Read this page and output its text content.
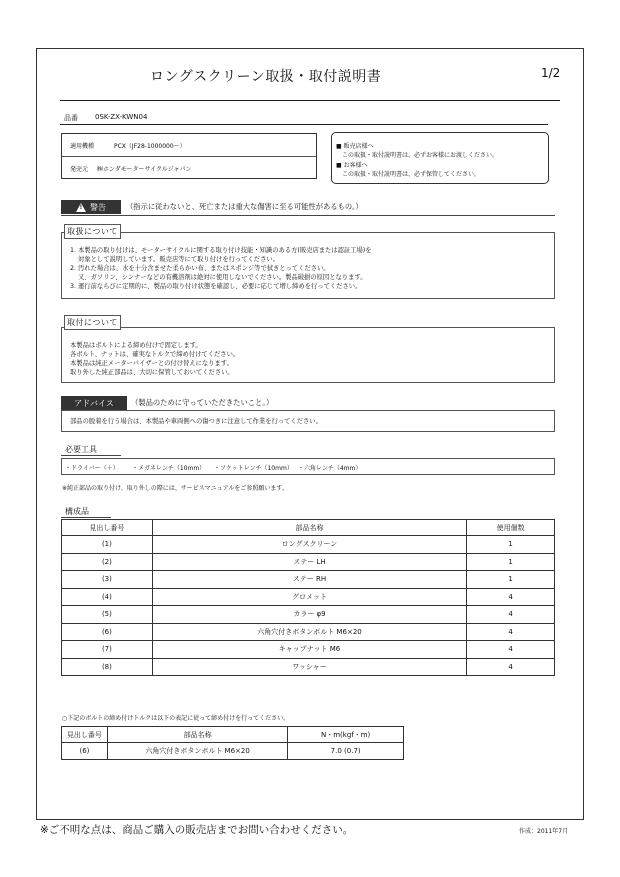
ロングスクリーン取扱・取付説明書	1/2
品番 0SK-ZX-KWN04
適用機種	PCX（JF28-1000000～）
発売元 ㈱ホンダモーターサイクルジャパン
■ 販売店様へ
この取扱・取付説明書は、必ずお客様にお渡しください。
■ お客様へ
この取扱・取付説明書は、必ず保管してください。
! 警告	（指示に従わないと、死亡または重大な傷害に至る可能性があるもの。）
1. 本製品の取り付けは、モーターサイクルに関する取り付け技能・知識のある方(販売店または認証工場)を
対象として説明しています。販売店等にて取り付けを行ってください。
2. 汚れた場合は、水を十分含ませた柔らかい布、またはスポンジ等で拭きとってください。
又、ガソリン、シンナーなどの有機溶剤は絶対に使用しないでください。製品破損の原因となります。
3. 運行前ならびに定期的に、製品の取り付け状態を確認し、必要に応じて増し締めを行ってください。
取扱について
本製品はボルトによる締め付けで固定します。
各ボルト、ナットは、確実なトルクで締め付けてください。
本製品は純正メーターバイザーとの付け替えになります。
取り外した純正部品は、大切に保管しておいてください。
取付について
アドバイス	（製品のために守っていただきたいこと。）
部品の脱着を行う場合は、本製品や車両側への傷つきに注意して作業を行ってください。
必要工具
・ドライバー（＋） ・メガネレンチ（10mm） ・ソケットレンチ（10mm） ・六角レンチ（4mm）
※純正部品の取り付け、取り外しの際には、サービスマニュアルをご参照願います。
構成品
見出し番号	部品名称	使用個数
(1)	ロングスクリーン	1
(2)	ステー LH	1
(3)	ステー RH	1
(4)	グロメット	4
(5)	カラー φ9	4
(6)	六角穴付きボタンボルト M6×20	4
(7)	キャップナット M6	4
(8)	ワッシャー	4
○下記のボルトの締め付けトルクは以下の表記に従って締め付けを行ってください。
見出し番号	部品名称	N・m(kgf・m)
(6)	六角穴付きボタンボルト M6×20	7.0 (0.7)
※ご不明な点は、商品ご購入の販売店までお問い合わせください。	作成：2011年7月
